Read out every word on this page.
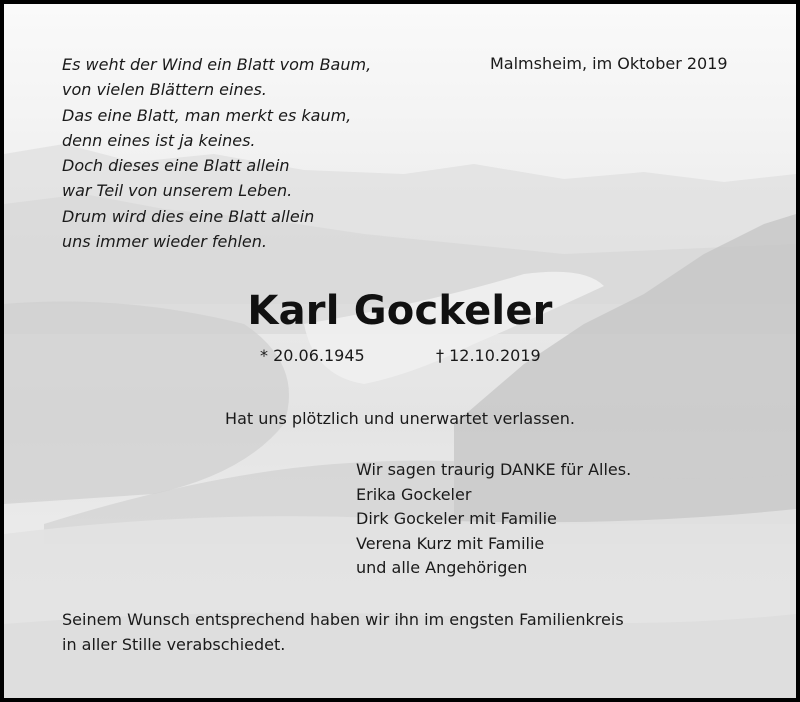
Es weht der Wind ein Blatt vom Baum,
von vielen Blättern eines.
Das eine Blatt, man merkt es kaum,
denn eines ist ja keines.
Doch dieses eine Blatt allein
war Teil von unserem Leben.
Drum wird dies eine Blatt allein
uns immer wieder fehlen.
Malmsheim, im Oktober 2019
Karl Gockeler
* 20.06.1945	† 12.10.2019
Hat uns plötzlich und unerwartet verlassen.
Wir sagen traurig DANKE für Alles.
Erika Gockeler
Dirk Gockeler mit Familie
Verena Kurz mit Familie
und alle Angehörigen
Seinem Wunsch entsprechend haben wir ihn im engsten Familienkreis
in aller Stille verabschiedet.
